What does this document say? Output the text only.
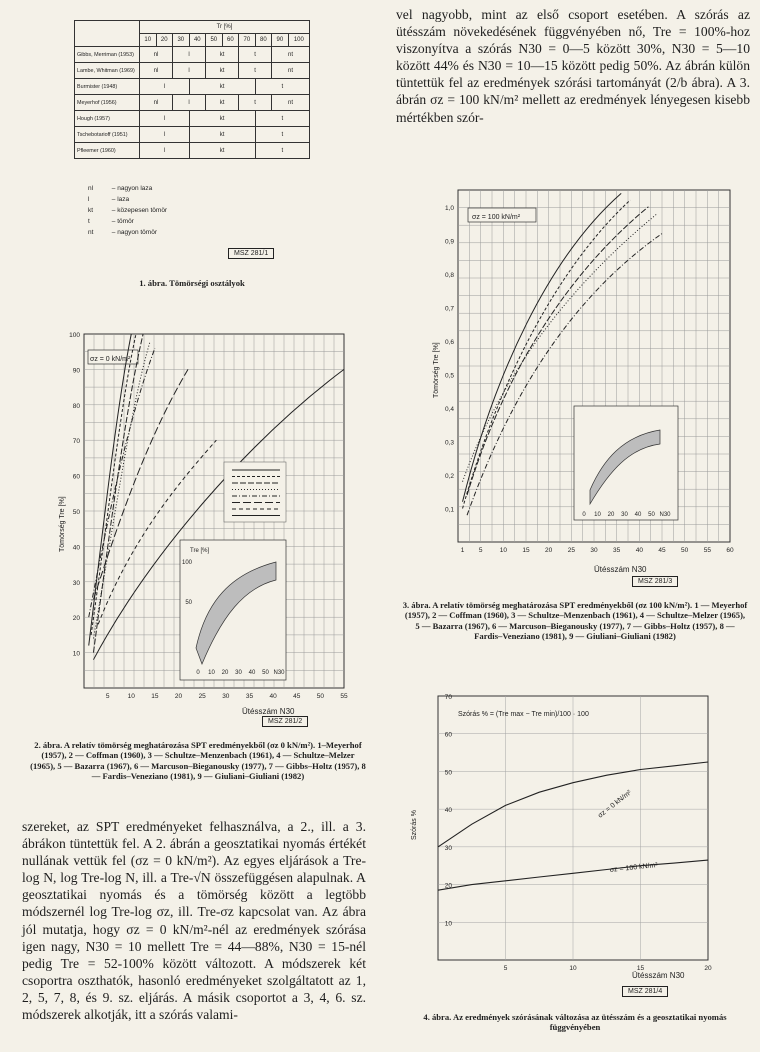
	Tr [%]									
	10	20	30	40	50	60	70	80	90	100
Gibbs, Merriman (1953)	nl		l		kt		t		nt	
Lambe, Whitman (1969)	nl		l		kt		t		nt	
Burmister (1948)	l			kt				t		
Meyerhof (1956)	nl		l		kt		t		nt	
Hough (1957)	l			kt				t		
Tschebotarioff (1951)	l			kt				t		
Pfleemer (1960)	l			kt				t		
nl	– nagyon laza
l	– laza
kt	– közepesen tömör
t	– tömör
nt	– nagyon tömör
MSZ 281/1
1. ábra. Tömörségi osztályok

vel nagyobb, mint az első csoport esetében. A szórás az ütésszám növekedésének függvényében nő, Tre = 100%-hoz viszonyítva a szórás N30 = 0—5 között 30%, N30 = 5—10 között 44% és N30 = 10—15 között pedig 50%. Az ábrán külön tüntettük fel az eredmények szórási tartományát (2/b ábra). A 3. ábrán σz = 100 kN/m² mellett az eredmények lényegesen kisebb mértékben szór-

0,1
0,2
0,3
0,4
0,5
0,6
0,7
0,8
0,9
1,0
1 5	10 15 20 25 30 35 40 45 50 55 60
σz = 100 kN/m²
Tömörség Tre [%]
Ütésszám N30
0 10 20 30 40 50 N30
MSZ 281/3
3. ábra. A relatív tömörség meghatározása SPT eredményekből (σz 100 kN/m²). 1 — Meyerhof (1957), 2 — Coffman (1960), 3 — Schultze–Menzenbach (1961), 4 — Schultze–Melzer (1965), 5 — Bazarra (1967), 6 — Marcuson–Bieganousky (1977), 7 — Gibbs–Holtz (1957), 8 — Fardis–Veneziano (1981), 9 — Giuliani–Giuliani (1982)
10
20
30
40
50
60
70
80
90
100
5	10	15	20	25	30	35	40	45	50	55
σz = 0 kN/m²
Tömörség Tre [%]
Ütésszám N30
Tre [%]
50
100
0 10 20 30 40 50 N30
MSZ 281/2
2. ábra. A relatív tömörség meghatározása SPT eredményekből (σz 0 kN/m²). 1–Meyerhof (1957), 2 — Coffman (1960), 3 — Schultze–Menzenbach (1961), 4 — Schultze–Melzer (1965), 5 — Bazarra (1967), 6 — Marcuson–Bieganousky (1977), 7 — Gibbs–Holtz (1957), 8 — Fardis–Veneziano (1981), 9 — Giuliani–Giuliani (1982)

szereket, az SPT eredményeket felhasználva, a 2., ill. a 3. ábrákon tüntettük fel. A 2. ábrán a geosztatikai nyomás értékét nullának vettük fel (σz = 0 kN/m²). Az egyes eljárások a Tre-log N, log Tre-log N, ill. a Tre-√N összefüggésen alapulnak. A geosztatikai nyomás és a tömörség között a legtöbb módszernél log Tre-log σz, ill. Tre-σz kapcsolat van. Az ábra jól mutatja, hogy σz = 0 kN/m²-nél az eredmények szórása igen nagy, N30 = 10 mellett Tre = 44—88%, N30 = 15-nél pedig Tre = 52-100% között változott. A módszerek két csoportra oszthatók, hasonló eredményeket szolgáltatott az 1, 2, 5, 7, 8, és 9. sz. eljárás. A másik csoportot a 3, 4, 6. sz. módszerek alkotják, itt a szórás valami-

10
20
30
40
50
60
70
5	10	15	20
Szórás % = (Tre max − Tre min)/100 · 100
Szórás %
Ütésszám N30
σz = 0 kN/m²
σz = 100 kN/m²
MSZ 281/4
4. ábra. Az eredmények szórásának változása az ütésszám és a geosztatikai nyomás függvényében
